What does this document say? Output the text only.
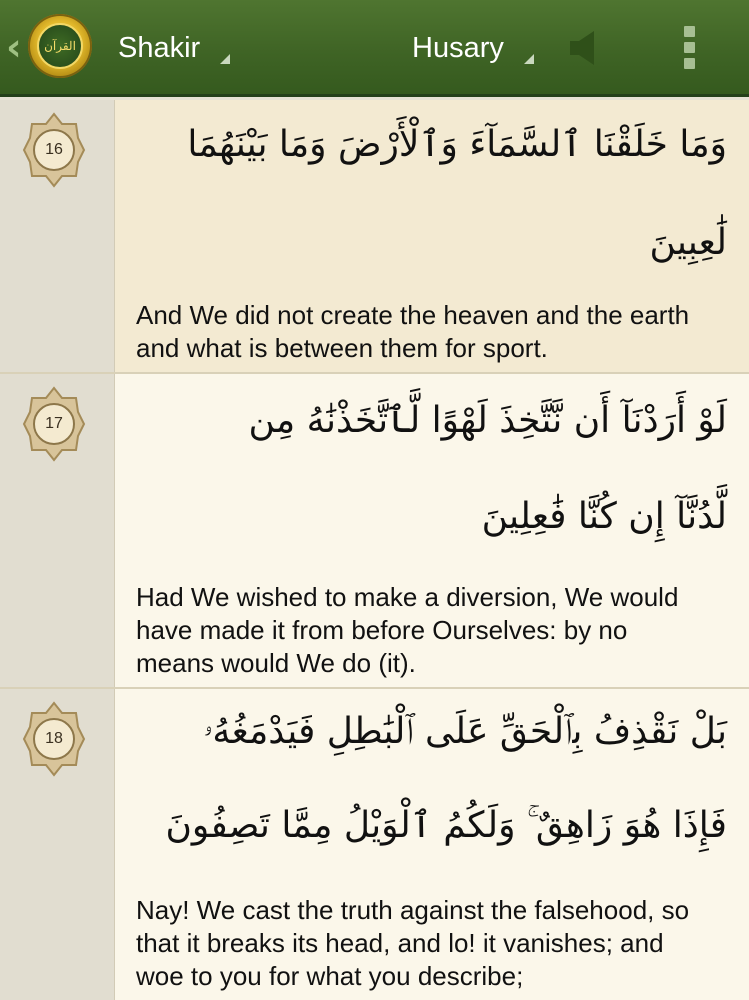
‹	القرآن Shakir	Husary
16	وَمَا خَلَقْنَا ٱلسَّمَآءَ وَٱلْأَرْضَ وَمَا بَيْنَهُمَا
لَٰعِبِينَ
And We did not create the heaven and the earth
and what is between them for sport.
17	لَوْ أَرَدْنَآ أَن نَّتَّخِذَ لَهْوًا لَّٱتَّخَذْنَٰهُ مِن
لَّدُنَّآ إِن كُنَّا فَٰعِلِينَ
Had We wished to make a diversion, We would
have made it from before Ourselves: by no
means would We do (it).
18	بَلْ نَقْذِفُ بِٱلْحَقِّ عَلَى ٱلْبَٰطِلِ فَيَدْمَغُهُۥ
فَإِذَا هُوَ زَاهِقٌ ۚ وَلَكُمُ ٱلْوَيْلُ مِمَّا تَصِفُونَ
Nay! We cast the truth against the falsehood, so
that it breaks its head, and lo! it vanishes; and
woe to you for what you describe;
